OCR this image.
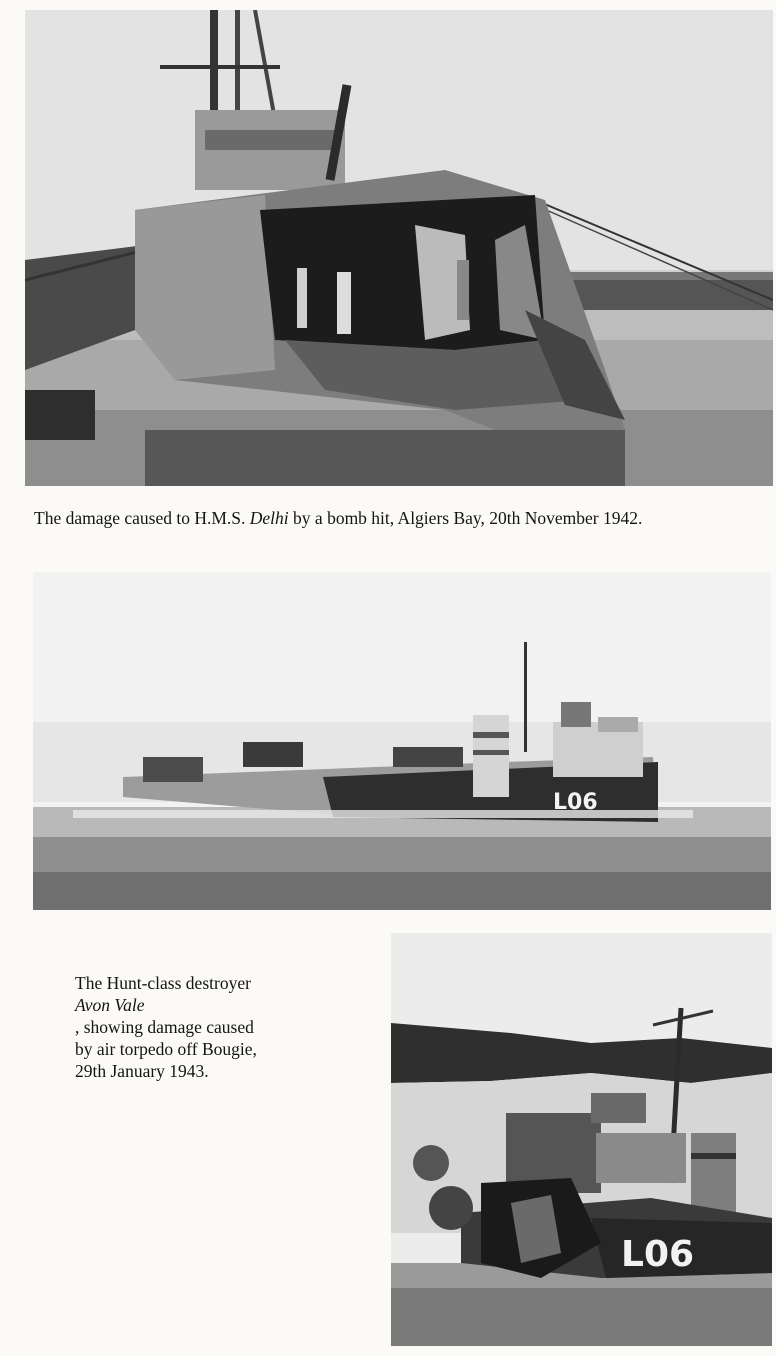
The damage caused to H.M.S. Delhi by a bomb hit, Algiers Bay, 20th November 1942.

L06
The Hunt-class destroyer
Avon Vale
, showing damage caused
by air torpedo off Bougie,
29th January 1943.
L06
